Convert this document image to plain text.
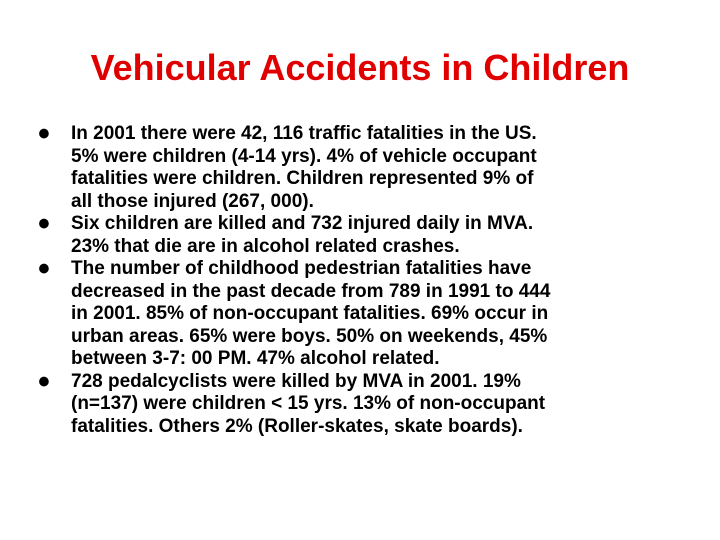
Vehicular Accidents in Children
• In 2001 there were 42, 116 traffic fatalities in the US.
5% were children (4-14 yrs). 4% of vehicle occupant
fatalities were children. Children represented 9% of
all those injured (267, 000).
• Six children are killed and 732 injured daily in MVA.
23% that die are in alcohol related crashes.
• The number of childhood pedestrian fatalities have
decreased in the past decade from 789 in 1991 to 444
in 2001. 85% of non-occupant fatalities. 69% occur in
urban areas. 65% were boys. 50% on weekends, 45%
between 3-7: 00 PM. 47% alcohol related.
• 728 pedalcyclists were killed by MVA in 2001. 19%
(n=137) were children < 15 yrs. 13% of non-occupant
fatalities. Others 2% (Roller-skates, skate boards).
